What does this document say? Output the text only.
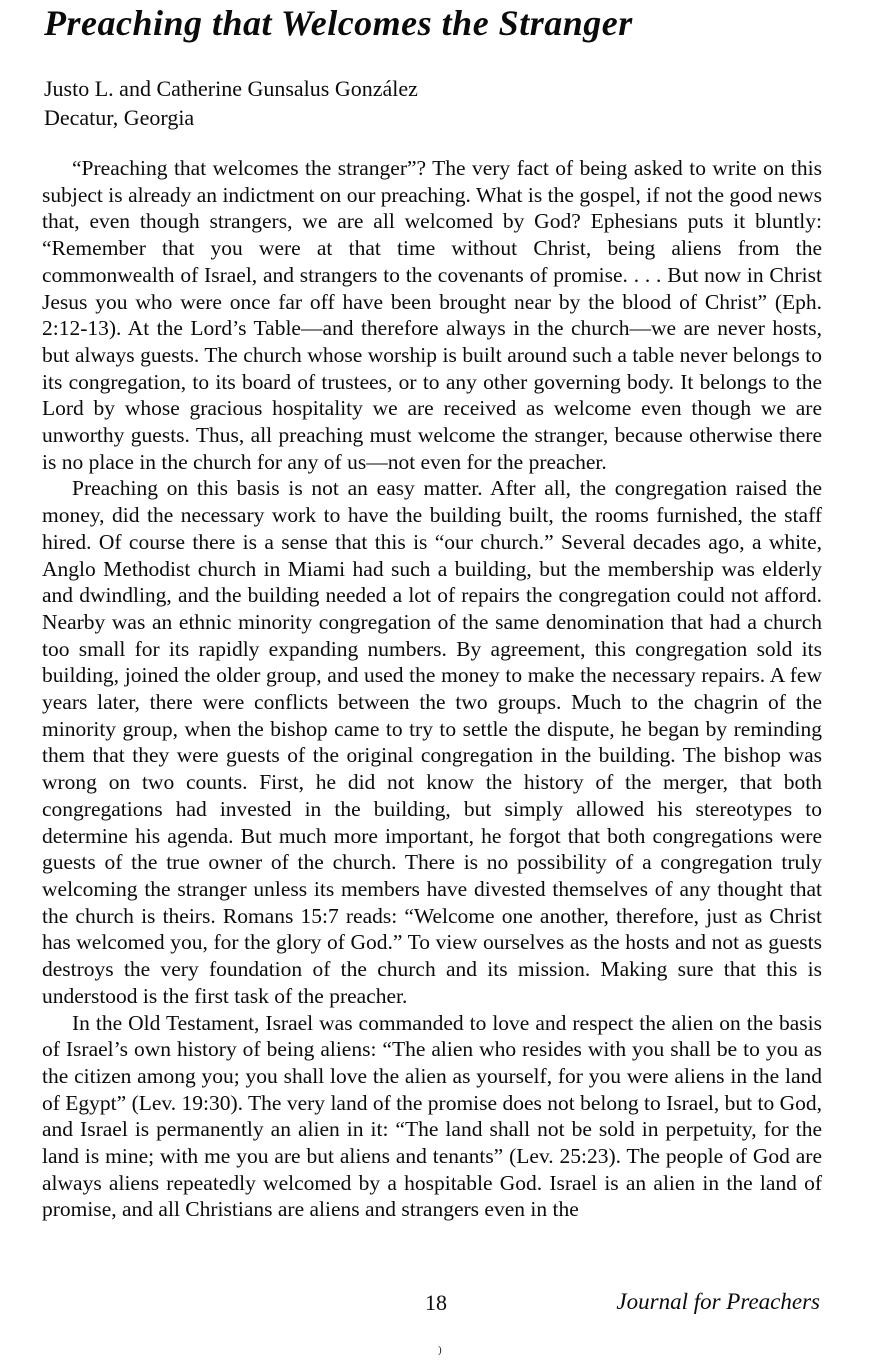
Preaching that Welcomes the Stranger
Justo L. and Catherine Gunsalus González
Decatur, Georgia

“Preaching that welcomes the stranger”? The very fact of being asked to write on this subject is already an indictment on our preaching. What is the gospel, if not the good news that, even though strangers, we are all welcomed by God? Ephesians puts it bluntly: “Remember that you were at that time without Christ, being aliens from the commonwealth of Israel, and strangers to the covenants of promise. . . . But now in Christ Jesus you who were once far off have been brought near by the blood of Christ” (Eph. 2:12-13). At the Lord’s Table—and therefore always in the church—we are never hosts, but always guests. The church whose worship is built around such a table never belongs to its congregation, to its board of trustees, or to any other governing body. It belongs to the Lord by whose gracious hospitality we are received as welcome even though we are unworthy guests. Thus, all preaching must welcome the stranger, because otherwise there is no place in the church for any of us—not even for the preacher.

Preaching on this basis is not an easy matter. After all, the congregation raised the money, did the necessary work to have the building built, the rooms furnished, the staff hired. Of course there is a sense that this is “our church.” Several decades ago, a white, Anglo Methodist church in Miami had such a building, but the membership was elderly and dwindling, and the building needed a lot of repairs the congregation could not afford. Nearby was an ethnic minority congregation of the same denomination that had a church too small for its rapidly expanding numbers. By agreement, this congregation sold its building, joined the older group, and used the money to make the necessary repairs. A few years later, there were conflicts between the two groups. Much to the chagrin of the minority group, when the bishop came to try to settle the dispute, he began by reminding them that they were guests of the original congregation in the building. The bishop was wrong on two counts. First, he did not know the history of the merger, that both congregations had invested in the building, but simply allowed his stereotypes to determine his agenda. But much more important, he forgot that both congregations were guests of the true owner of the church. There is no possibility of a congregation truly welcoming the stranger unless its members have divested themselves of any thought that the church is theirs. Romans 15:7 reads: “Welcome one another, therefore, just as Christ has welcomed you, for the glory of God.” To view ourselves as the hosts and not as guests destroys the very foundation of the church and its mission. Making sure that this is understood is the first task of the preacher.

In the Old Testament, Israel was commanded to love and respect the alien on the basis of Israel’s own history of being aliens: “The alien who resides with you shall be to you as the citizen among you; you shall love the alien as yourself, for you were aliens in the land of Egypt” (Lev. 19:30). The very land of the promise does not belong to Israel, but to God, and Israel is permanently an alien in it: “The land shall not be sold in perpetuity, for the land is mine; with me you are but aliens and tenants” (Lev. 25:23). The people of God are always aliens repeatedly welcomed by a hospitable God. Israel is an alien in the land of promise, and all Christians are aliens and strangers even in the

18	Journal for Preachers
)
